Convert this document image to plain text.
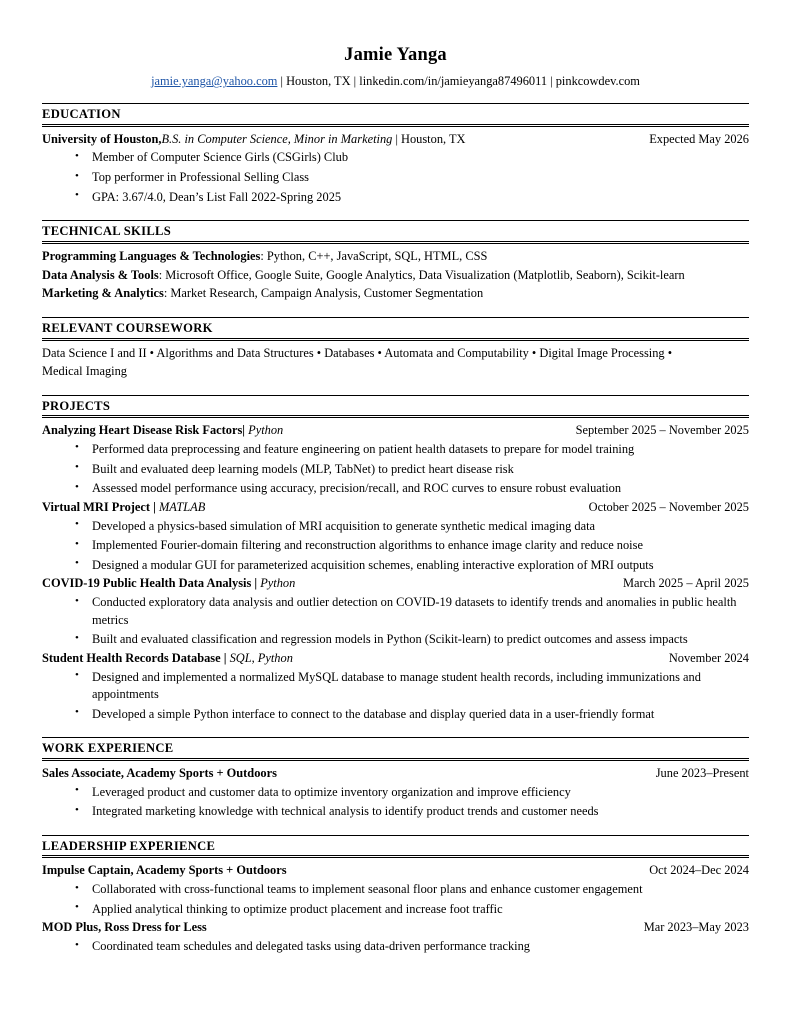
Jamie Yanga
jamie.yanga@yahoo.com | Houston, TX | linkedin.com/in/jamieyanga87496011 | pinkcowdev.com
EDUCATION
University of Houston,B.S. in Computer Science, Minor in Marketing | Houston, TX	Expected May 2026
• Member of Computer Science Girls (CSGirls) Club
• Top performer in Professional Selling Class
• GPA: 3.67/4.0, Dean’s List Fall 2022-Spring 2025
TECHNICAL SKILLS
Programming Languages & Technologies: Python, C++, JavaScript, SQL, HTML, CSS
Data Analysis & Tools: Microsoft Office, Google Suite, Google Analytics, Data Visualization (Matplotlib, Seaborn), Scikit-learn
Marketing & Analytics: Market Research, Campaign Analysis, Customer Segmentation
RELEVANT COURSEWORK
Data Science I and II • Algorithms and Data Structures • Databases • Automata and Computability • Digital Image Processing • Medical Imaging
PROJECTS
Analyzing Heart Disease Risk Factors| Python	September 2025 – November 2025
• Performed data preprocessing and feature engineering on patient health datasets to prepare for model training
• Built and evaluated deep learning models (MLP, TabNet) to predict heart disease risk
• Assessed model performance using accuracy, precision/recall, and ROC curves to ensure robust evaluation
Virtual MRI Project | MATLAB	October 2025 – November 2025
• Developed a physics-based simulation of MRI acquisition to generate synthetic medical imaging data
• Implemented Fourier-domain filtering and reconstruction algorithms to enhance image clarity and reduce noise
• Designed a modular GUI for parameterized acquisition schemes, enabling interactive exploration of MRI outputs
COVID-19 Public Health Data Analysis | Python	March 2025 – April 2025
• Conducted exploratory data analysis and outlier detection on COVID-19 datasets to identify trends and anomalies in public health metrics
• Built and evaluated classification and regression models in Python (Scikit-learn) to predict outcomes and assess impacts
Student Health Records Database | SQL, Python	November 2024
• Designed and implemented a normalized MySQL database to manage student health records, including immunizations and appointments
• Developed a simple Python interface to connect to the database and display queried data in a user-friendly format
WORK EXPERIENCE
Sales Associate, Academy Sports + Outdoors	June 2023–Present
• Leveraged product and customer data to optimize inventory organization and improve efficiency
• Integrated marketing knowledge with technical analysis to identify product trends and customer needs
LEADERSHIP EXPERIENCE
Impulse Captain, Academy Sports + Outdoors	Oct 2024–Dec 2024
• Collaborated with cross-functional teams to implement seasonal floor plans and enhance customer engagement
• Applied analytical thinking to optimize product placement and increase foot traffic
MOD Plus, Ross Dress for Less	Mar 2023–May 2023
• Coordinated team schedules and delegated tasks using data-driven performance tracking
